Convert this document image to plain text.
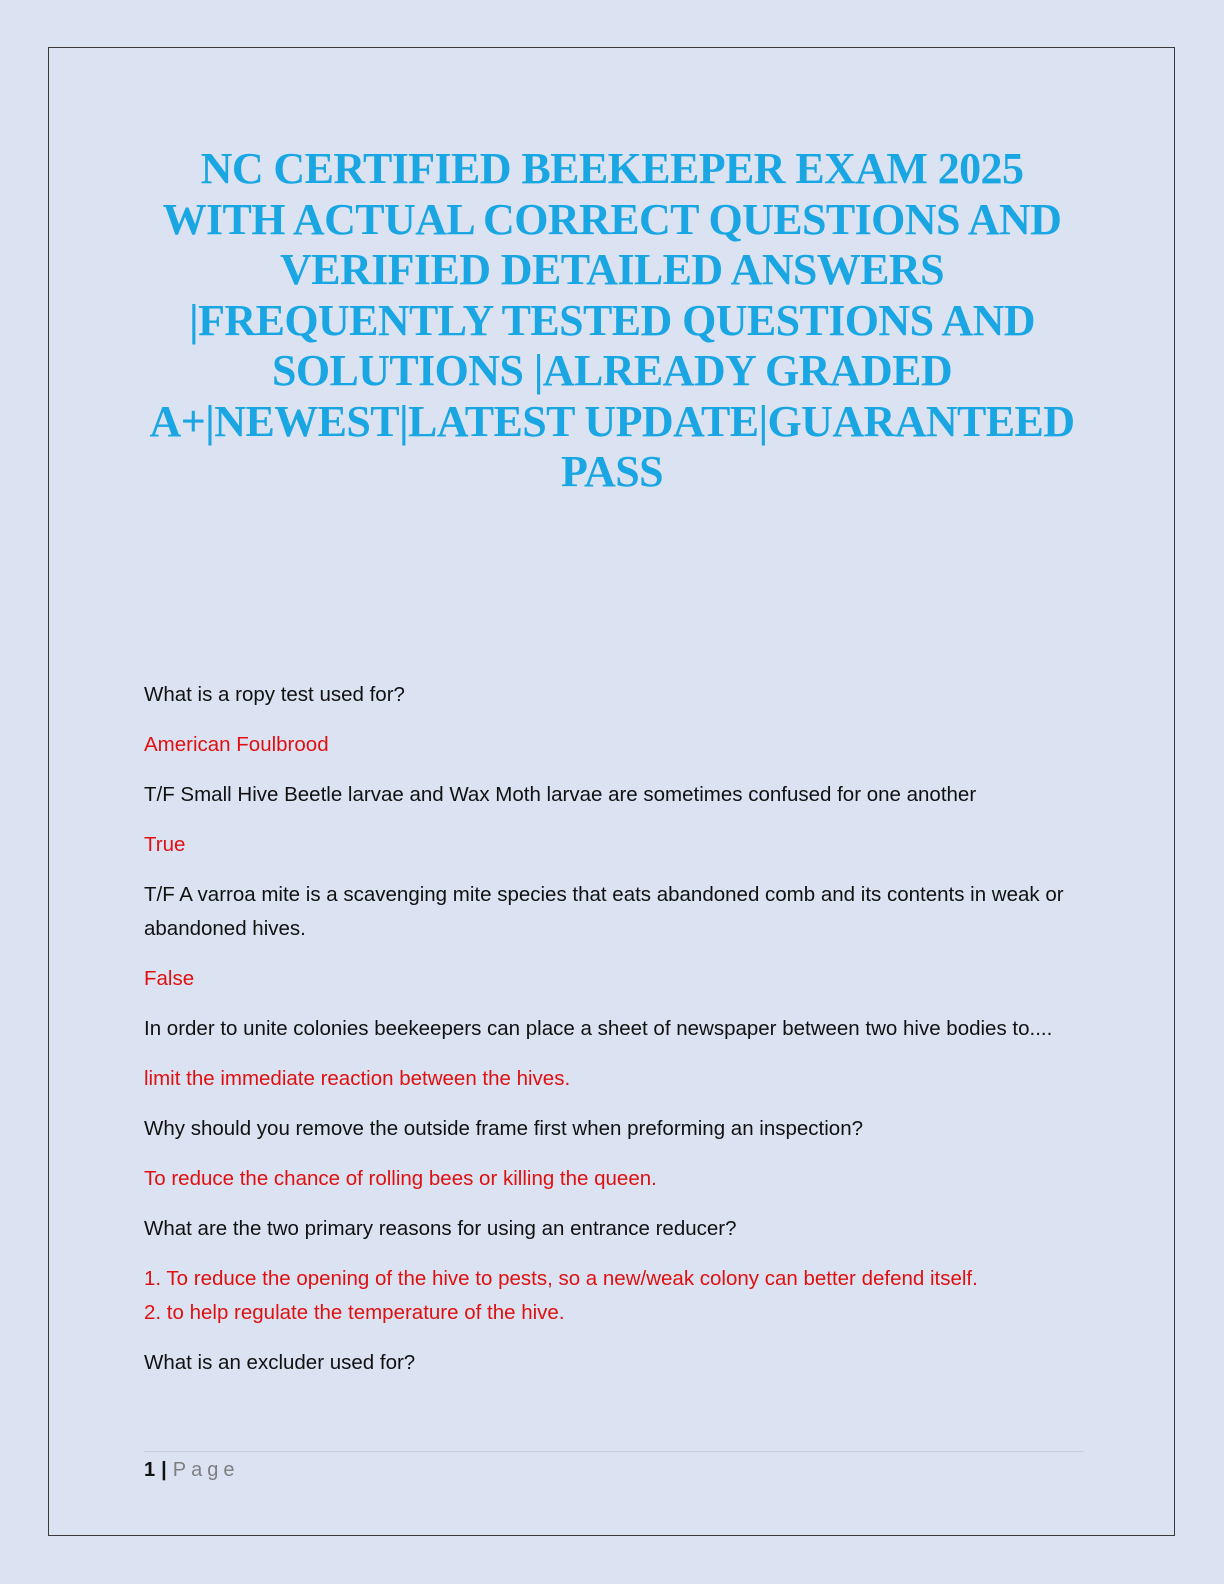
NC CERTIFIED BEEKEEPER EXAM 2025
WITH ACTUAL CORRECT QUESTIONS AND
VERIFIED DETAILED ANSWERS
|FREQUENTLY TESTED QUESTIONS AND
SOLUTIONS |ALREADY GRADED
A+|NEWEST|LATEST UPDATE|GUARANTEED
PASS

What is a ropy test used for?

American Foulbrood

T/F Small Hive Beetle larvae and Wax Moth larvae are sometimes confused for one another

True

T/F A varroa mite is a scavenging mite species that eats abandoned comb and its contents in weak or abandoned hives.

False

In order to unite colonies beekeepers can place a sheet of newspaper between two hive bodies to....

limit the immediate reaction between the hives.

Why should you remove the outside frame first when preforming an inspection?

To reduce the chance of rolling bees or killing the queen.

What are the two primary reasons for using an entrance reducer?

1. To reduce the opening of the hive to pests, so a new/weak colony can better defend itself.
2. to help regulate the temperature of the hive.

What is an excluder used for?

1 | Page
